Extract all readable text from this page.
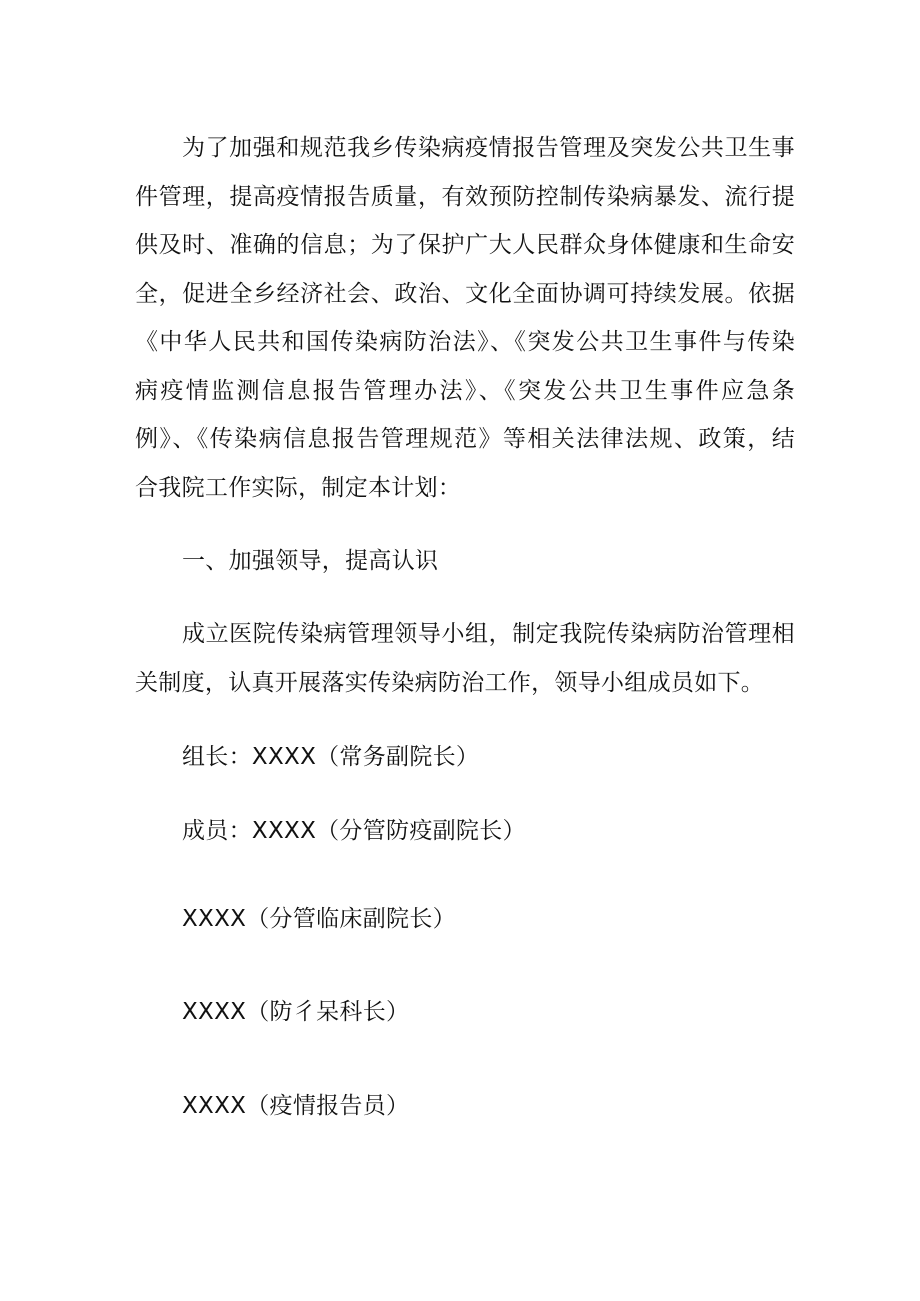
为了加强和规范我乡传染病疫情报告管理及突发公共卫生事
件管理，提高疫情报告质量，有效预防控制传染病暴发、流行提
供及时、准确的信息；为了保护广大人民群众身体健康和生命安
全，促进全乡经济社会、政治、文化全面协调可持续发展。依据
《中华人民共和国传染病防治法》、《突发公共卫生事件与传染
病疫情监测信息报告管理办法》、《突发公共卫生事件应急条
例》、《传染病信息报告管理规范》等相关法律法规、政策，结
合我院工作实际，制定本计划：
一、加强领导，提高认识
成立医院传染病管理领导小组，制定我院传染病防治管理相
关制度，认真开展落实传染病防治工作，领导小组成员如下。
组长：XXXX（常务副院长）
成员：XXXX（分管防疫副院长）
XXXX（分管临床副院长）
XXXX（防彳呆科长）
XXXX（疫情报告员）
